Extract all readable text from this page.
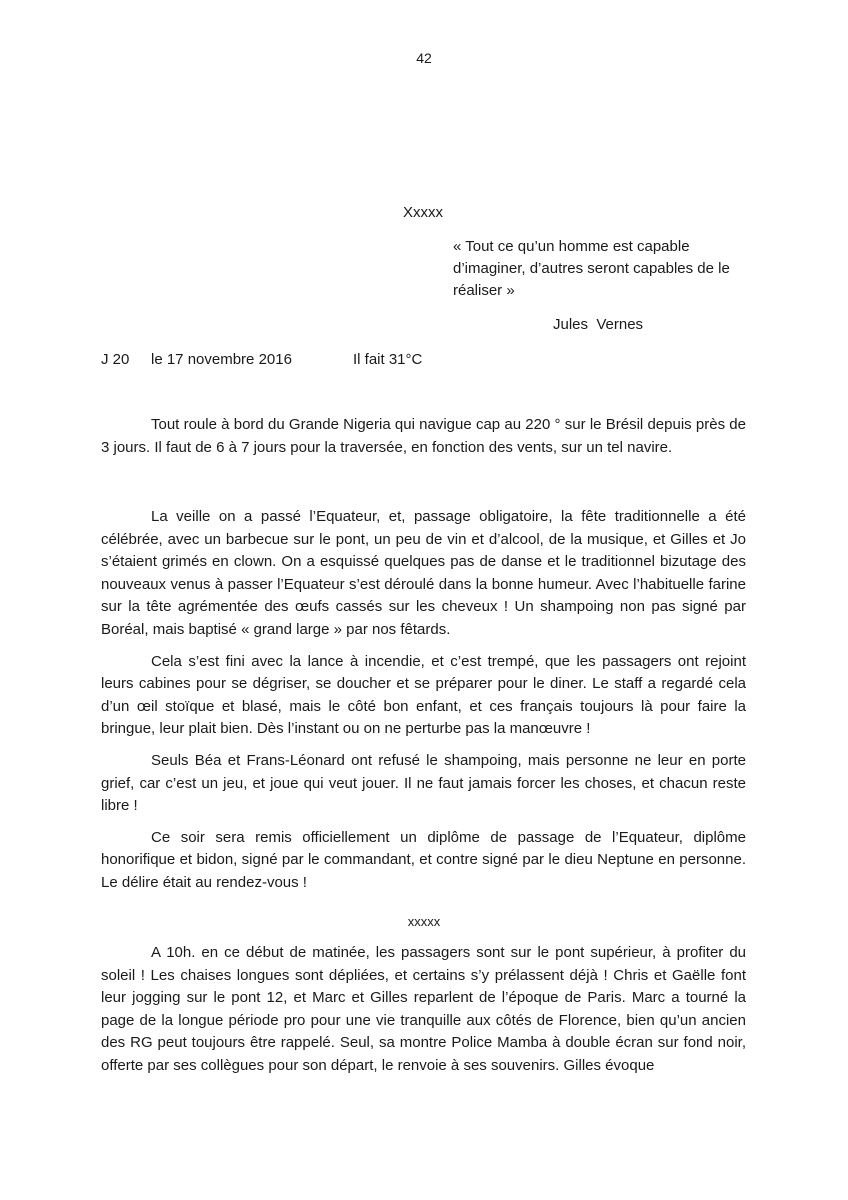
42
Xxxxx
« Tout ce qu’un homme est capable d’imaginer, d’autres seront capables de le réaliser »
Jules  Vernes
J 20 le 17 novembre 2016	Il fait 31°C

Tout roule à bord du Grande Nigeria qui navigue cap au 220 ° sur le Brésil depuis près de 3 jours. Il faut de 6 à 7 jours pour la traversée, en fonction des vents, sur un tel navire.

La veille on a passé l’Equateur, et, passage obligatoire, la fête traditionnelle a été célébrée, avec un barbecue sur le pont, un peu de vin et d’alcool, de la musique, et Gilles et Jo s’étaient grimés en clown. On a esquissé quelques pas de danse et le traditionnel bizutage des nouveaux venus à passer l’Equateur s’est déroulé dans la bonne humeur. Avec l’habituelle farine sur la tête agrémentée des œufs cassés sur les cheveux ! Un shampoing non pas signé par Boréal, mais baptisé « grand large » par nos fêtards.

Cela s’est fini avec la lance à incendie, et c’est trempé, que les passagers ont rejoint leurs cabines pour se dégriser, se doucher et se préparer pour le diner. Le staff a regardé cela d’un œil stoïque et blasé, mais le côté bon enfant, et ces français toujours là pour faire la bringue, leur plait bien. Dès l’instant ou on ne perturbe pas la manœuvre !

Seuls Béa et Frans-Léonard ont refusé le shampoing, mais personne ne leur en porte grief, car c’est un jeu, et joue qui veut jouer. Il ne faut jamais forcer les choses, et chacun reste libre !

Ce soir sera remis officiellement un diplôme de passage de l’Equateur, diplôme honorifique et bidon, signé par le commandant, et contre signé par le dieu Neptune en personne. Le délire était au rendez-vous !

xxxxx

A 10h. en ce début de matinée, les passagers sont sur le pont supérieur, à profiter du soleil ! Les chaises longues sont dépliées, et certains s’y prélassent déjà ! Chris et Gaëlle font leur jogging sur le pont 12, et Marc et Gilles reparlent de l’époque de Paris. Marc a tourné la page de la longue période pro pour une vie tranquille aux côtés de Florence, bien qu’un ancien des RG peut toujours être rappelé. Seul, sa montre Police Mamba à double écran sur fond noir, offerte par ses collègues pour son départ, le renvoie à ses souvenirs. Gilles évoque
